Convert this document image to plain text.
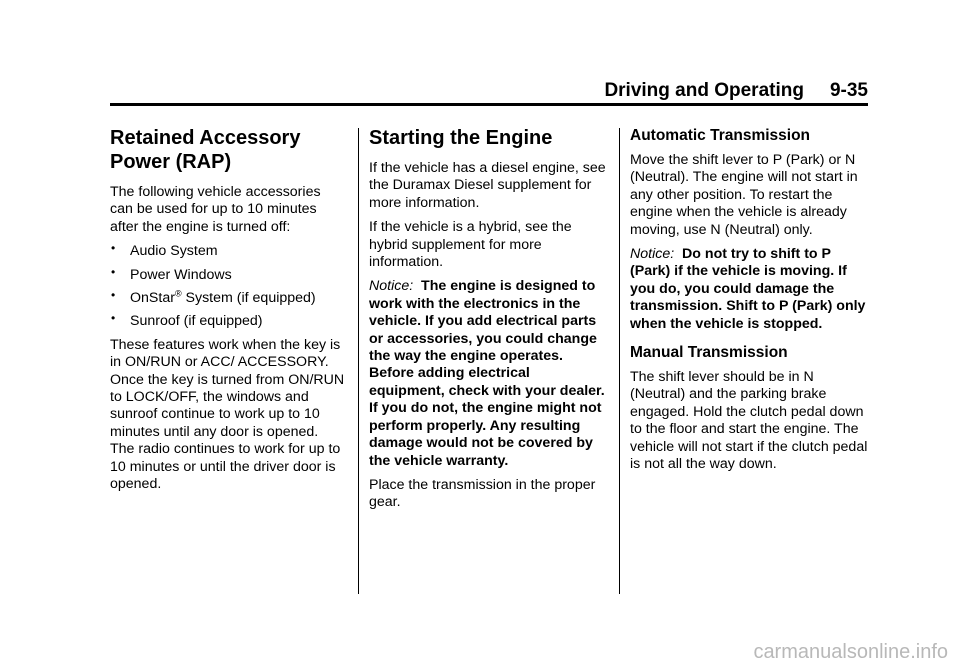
Driving and Operating 9-35
Retained Accessory
Power (RAP)

The following vehicle accessories can be used for up to 10 minutes after the engine is turned off:

• Audio System
• Power Windows
• OnStar® System (if equipped)
• Sunroof (if equipped)

These features work when the key is in ON/RUN or ACC/ ACCESSORY. Once the key is turned from ON/RUN to LOCK/OFF, the windows and sunroof continue to work up to 10 minutes until any door is opened. The radio continues to work for up to 10 minutes or until the driver door is opened.

Starting the Engine

If the vehicle has a diesel engine, see the Duramax Diesel supplement for more information.

If the vehicle is a hybrid, see the hybrid supplement for more information.

Notice: The engine is designed to work with the electronics in the vehicle. If you add electrical parts or accessories, you could change the way the engine operates. Before adding electrical equipment, check with your dealer. If you do not, the engine might not perform properly. Any resulting damage would not be covered by the vehicle warranty.

Place the transmission in the proper gear.

Automatic Transmission

Move the shift lever to P (Park) or N (Neutral). The engine will not start in any other position. To restart the engine when the vehicle is already moving, use N (Neutral) only.

Notice: Do not try to shift to P (Park) if the vehicle is moving. If you do, you could damage the transmission. Shift to P (Park) only when the vehicle is stopped.

Manual Transmission

The shift lever should be in N (Neutral) and the parking brake engaged. Hold the clutch pedal down to the floor and start the engine. The vehicle will not start if the clutch pedal is not all the way down.

carmanualsonline.info
